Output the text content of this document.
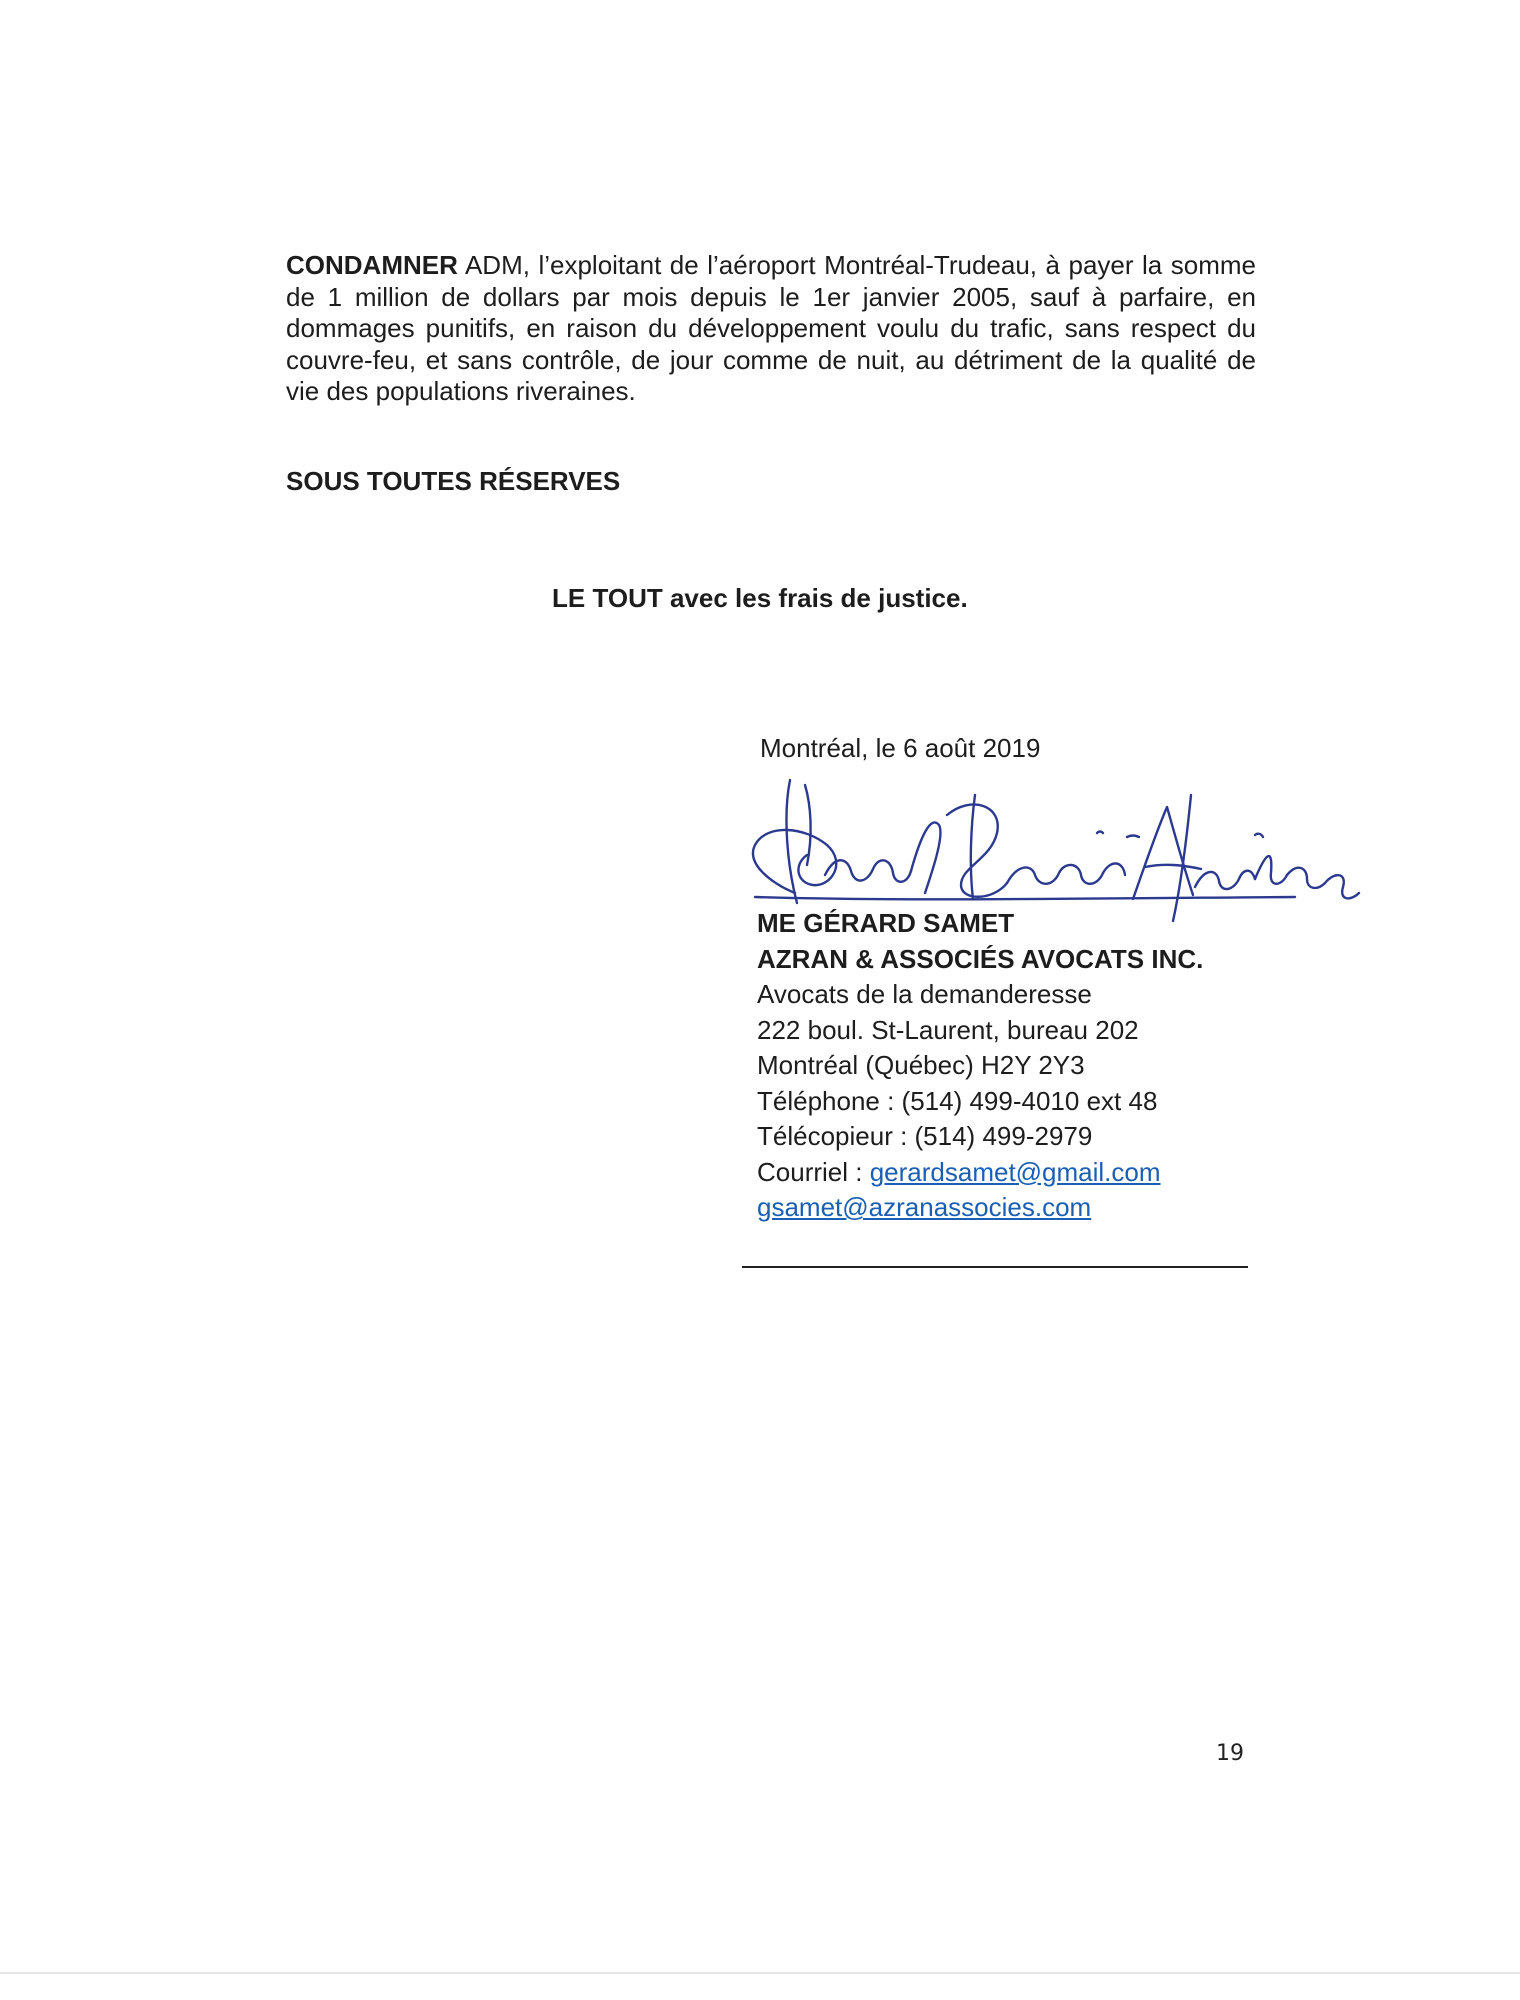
CONDAMNER ADM, l’exploitant de l’aéroport Montréal-Trudeau, à payer la somme de 1 million de dollars par mois depuis le 1er janvier 2005, sauf à parfaire, en dommages punitifs, en raison du développement voulu du trafic, sans respect du couvre-feu, et sans contrôle, de jour comme de nuit, au détriment de la qualité de vie des populations riveraines.

SOUS TOUTES RÉSERVES

LE TOUT avec les frais de justice.

Montréal, le 6 août 2019

ME GÉRARD SAMET
AZRAN & ASSOCIÉS AVOCATS INC.
Avocats de la demanderesse
222 boul. St-Laurent, bureau 202
Montréal (Québec) H2Y 2Y3
Téléphone : (514) 499-4010 ext 48
Télécopieur : (514) 499-2979
Courriel : gerardsamet@gmail.com
gsamet@azranassocies.com
19
